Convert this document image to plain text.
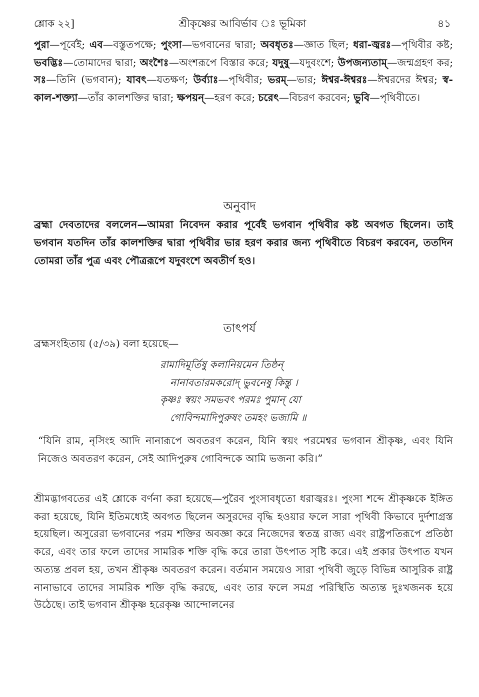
শ্লোক ২২]	শ্রীকৃষ্ণের আবির্ভাব ঃ ভূমিকা	৪১
পুরা—পূর্বেই; এব—বস্তুতপক্ষে; পুংসা—ভগবানের দ্বারা; অবধৃতঃ—জ্ঞাত ছিল; ধরা-জ্বরঃ—পৃথিবীর কষ্ট; ভবদ্ভিঃ—তোমাদের দ্বারা; অংশৈঃ—অংশরূপে বিস্তার করে; যদুষু—যদুবংশে; উপজন্যতাম্—জন্মগ্রহণ কর; সঃ—তিনি (ভগবান); যাবৎ—যতক্ষণ; উর্ব্যাঃ—পৃথিবীর; ভরম্—ভার; ঈশ্বর-ঈশ্বরঃ—ঈশ্বরদের ঈশ্বর; স্ব-কাল-শক্ত্যা—তাঁর কালশক্তির দ্বারা; ক্ষপয়ন্—হরণ করে; চরেৎ—বিচরণ করবেন; ভুবি—পৃথিবীতে।
অনুবাদ
ব্রহ্মা দেবতাদের বললেন—আমরা নিবেদন করার পূর্বেই ভগবান পৃথিবীর কষ্ট অবগত ছিলেন। তাই ভগবান যতদিন তাঁর কালশক্তির দ্বারা পৃথিবীর ভার হরণ করার জন্য পৃথিবীতে বিচরণ করবেন, ততদিন তোমরা তাঁর পুত্র এবং পৌত্ররূপে যদুবংশে অবতীর্ণ হও।
তাৎপর্য
ব্রহ্মসংহিতায় (৫/৩৯) বলা হয়েছে—
রামাদিমূর্তিষু কলানিয়মেন তিষ্ঠন্
নানাবতারমকরোদ্ ভুবনেষু কিন্তু ।
কৃষ্ণঃ স্বয়ং সমভবৎ পরমঃ পুমান্ যো
গোবিন্দমাদিপুরুষং তমহং ভজামি ॥
“যিনি রাম, নৃসিংহ আদি নানারূপে অবতরণ করেন, যিনি স্বয়ং পরমেশ্বর ভগবান শ্রীকৃষ্ণ, এবং যিনি নিজেও অবতরণ করেন, সেই আদিপুরুষ গোবিন্দকে আমি ভজনা করি।”
শ্রীমদ্ভাগবতের এই শ্লোকে বর্ণনা করা হয়েছে—পুরৈব পুংসাবধৃতো ধরাজ্বরঃ। পুংসা শব্দে শ্রীকৃষ্ণকে ইঙ্গিত করা হয়েছে, যিনি ইতিমধ্যেই অবগত ছিলেন অসুরদের বৃদ্ধি হওয়ার ফলে সারা পৃথিবী কিভাবে দুর্দশাগ্রস্ত হয়েছিল। অসুরেরা ভগবানের পরম শক্তির অবজ্ঞা করে নিজেদের স্বতন্ত্র রাজ্য এবং রাষ্ট্রপতিরূপে প্রতিষ্ঠা করে, এবং তার ফলে তাদের সামরিক শক্তি বৃদ্ধি করে তারা উৎপাত সৃষ্টি করে। এই প্রকার উৎপাত যখন অত্যন্ত প্রবল হয়, তখন শ্রীকৃষ্ণ অবতরণ করেন। বর্তমান সময়েও সারা পৃথিবী জুড়ে বিভিন্ন আসুরিক রাষ্ট্র নানাভাবে তাদের সামরিক শক্তি বৃদ্ধি করছে, এবং তার ফলে সমগ্র পরিস্থিতি অত্যন্ত দুঃখজনক হয়ে উঠেছে। তাই ভগবান শ্রীকৃষ্ণ হরেকৃষ্ণ আন্দোলনের
